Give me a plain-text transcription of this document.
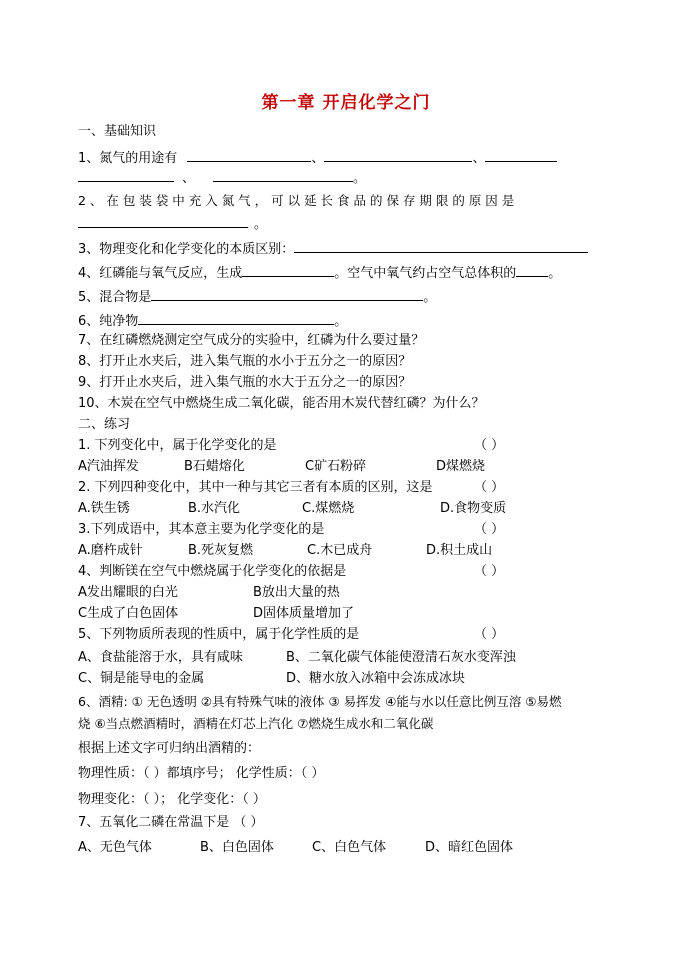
第一章 开启化学之门
一、基础知识
1、氮气的用途有	、	、
、	。
2 、 在 包 装 袋 中 充 入 氮 气 ， 可 以 延 长 食 品 的 保 存 期 限 的 原 因 是
。
3、物理变化和化学变化的本质区别：
4、红磷能与氧气反应，生成	。空气中氧气约占空气总体积的 。
5、混合物是	。
6、纯净物	。
7、在红磷燃烧测定空气成分的实验中，红磷为什么要过量？
8、打开止水夹后，进入集气瓶的水小于五分之一的原因？
9、打开止水夹后，进入集气瓶的水大于五分之一的原因？
10、木炭在空气中燃烧生成二氧化碳，能否用木炭代替红磷？为什么？
二、练习
1. 下列变化中，属于化学变化的是	（ ）
A汽油挥发	B石蜡熔化	C矿石粉碎	D煤燃烧
2. 下列四种变化中，其中一种与其它三者有本质的区别，这是	（ ）
A.铁生锈	B.水汽化	C.煤燃烧	D.食物变质
3.下列成语中，其本意主要为化学变化的是	（ ）
A.磨杵成针	B.死灰复燃	C.木已成舟	D.积土成山
4、判断镁在空气中燃烧属于化学变化的依据是	（ ）
A发出耀眼的白光	B放出大量的热
C生成了白色固体	D固体质量增加了
5、下列物质所表现的性质中，属于化学性质的是	（ ）
A、食盐能溶于水，具有咸味	B、二氧化碳气体能使澄清石灰水变浑浊
C、铜是能导电的金属	D、糖水放入冰箱中会冻成冰块
6、酒精: ① 无色透明 ②具有特殊气味的液体 ③ 易挥发 ④能与水以任意比例互溶 ⑤易燃
烧 ⑥当点燃酒精时，酒精在灯芯上汽化 ⑦燃烧生成水和二氧化碳
根据上述文字可归纳出酒精的：
物理性质：（ ）都填序号； 化学性质：（ ）
物理变化：（ ）； 化学变化：（ ）
7、五氧化二磷在常温下是 （ ）
A、无色气体	B、白色固体	C、白色气体	D、暗红色固体
